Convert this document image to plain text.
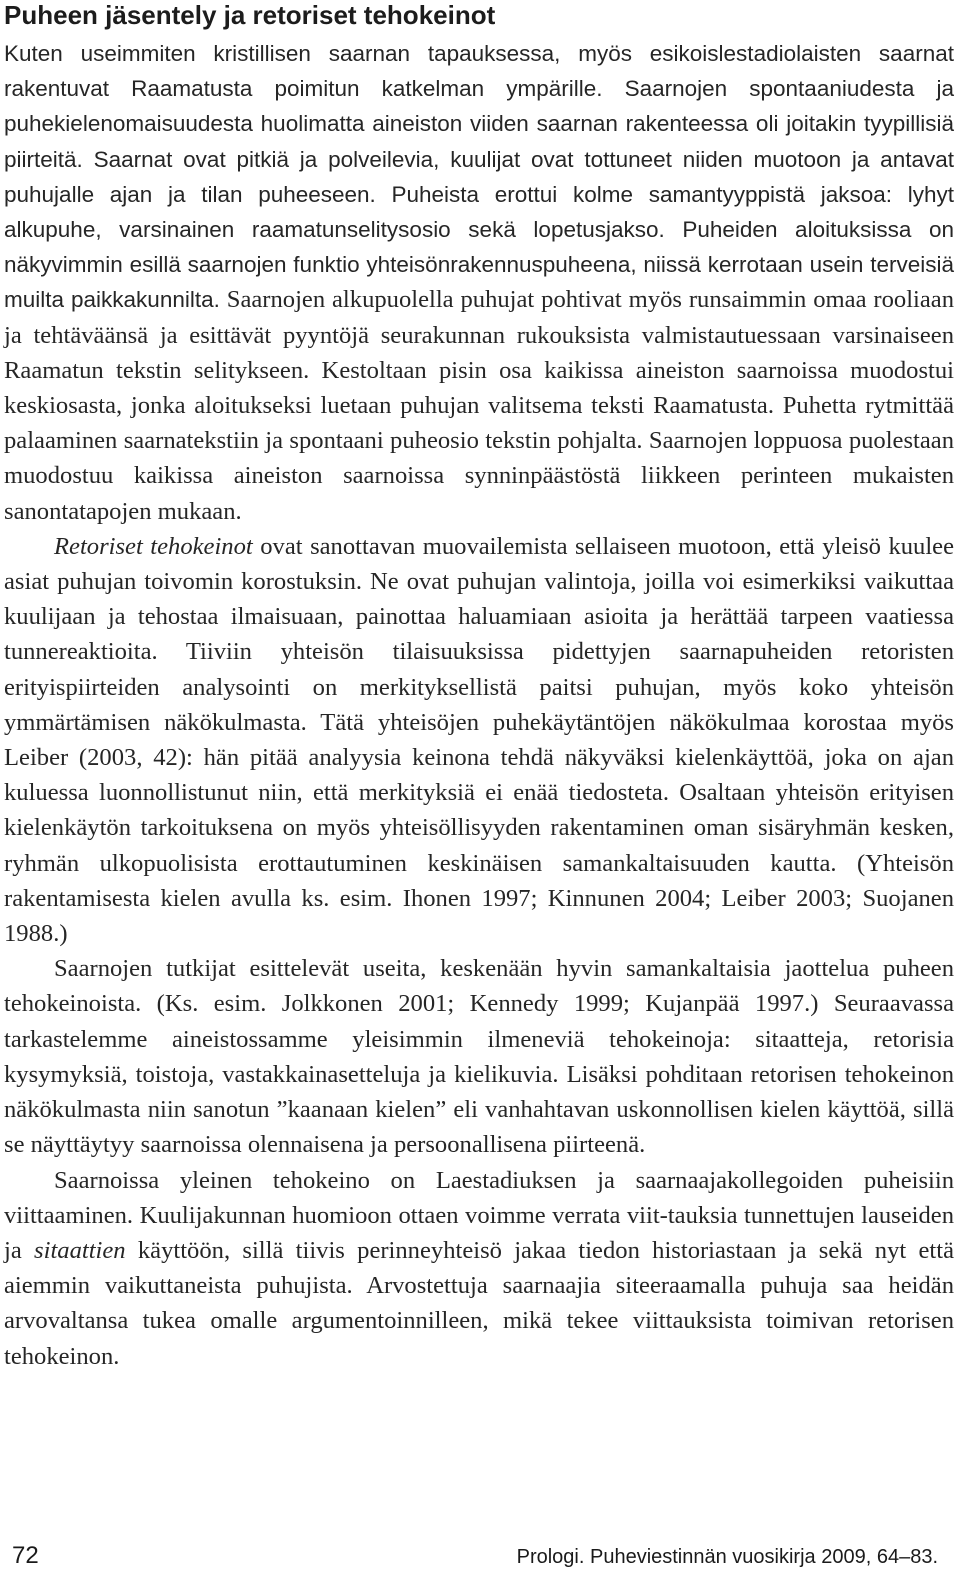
Puheen jäsentely ja retoriset tehokeinot

Kuten useimmiten kristillisen saarnan tapauksessa, myös esikoislestadiolaisten saarnat rakentuvat Raamatusta poimitun katkelman ympärille. Saarnojen spontaaniudesta ja puhekielenomaisuudesta huolimatta aineiston viiden saarnan rakenteessa oli joitakin tyypillisiä piirteitä. Saarnat ovat pitkiä ja polveilevia, kuulijat ovat tottuneet niiden muotoon ja antavat puhujalle ajan ja tilan puheeseen. Puheista erottui kolme samantyyppistä jaksoa: lyhyt alkupuhe, varsinainen raamatunselitysosio sekä lopetusjakso. Puheiden aloituksissa on näkyvimmin esillä saarnojen funktio yhteisönrakennuspuheena, niissä kerrotaan usein terveisiä muilta paikkakunnilta. Saarnojen alkupuolella puhujat pohtivat myös runsaimmin omaa rooliaan ja tehtäväänsä ja esittävät pyyntöjä seurakunnan rukouksista valmistautuessaan varsinaiseen Raamatun tekstin selitykseen. Kestoltaan pisin osa kaikissa aineiston saarnoissa muodostui keskiosasta, jonka aloitukseksi luetaan puhujan valitsema teksti Raamatusta. Puhetta rytmittää palaaminen saarnatekstiin ja spontaani puheosio tekstin pohjalta. Saarnojen loppuosa puolestaan muodostuu kaikissa aineiston saarnoissa synninpäästöstä liikkeen perinteen mukaisten sanontatapojen mukaan.

Retoriset tehokeinot ovat sanottavan muovailemista sellaiseen muotoon, että yleisö kuulee asiat puhujan toivomin korostuksin. Ne ovat puhujan valintoja, joilla voi esimerkiksi vaikuttaa kuulijaan ja tehostaa ilmaisuaan, painottaa haluamiaan asioita ja herättää tarpeen vaatiessa tunnereaktioita. Tiiviin yhteisön tilaisuuksissa pidettyjen saarnapuheiden retoristen erityispiirteiden analysointi on merkityksellistä paitsi puhujan, myös koko yhteisön ymmärtämisen näkökulmasta. Tätä yhteisöjen puhekäytäntöjen näkökulmaa korostaa myös Leiber (2003, 42): hän pitää analyysia keinona tehdä näkyväksi kielenkäyttöä, joka on ajan kuluessa luonnollistunut niin, että merkityksiä ei enää tiedosteta. Osaltaan yhteisön erityisen kielenkäytön tarkoituksena on myös yhteisöllisyyden rakentaminen oman sisäryhmän kesken, ryhmän ulkopuolisista erottautuminen keskinäisen samankaltaisuuden kautta. (Yhteisön rakentamisesta kielen avulla ks. esim. Ihonen 1997; Kinnunen 2004; Leiber 2003; Suojanen 1988.)

Saarnojen tutkijat esittelevät useita, keskenään hyvin samankaltaisia jaottelua puheen tehokeinoista. (Ks. esim. Jolkkonen 2001; Kennedy 1999; Kujanpää 1997.) Seuraavassa tarkastelemme aineistossamme yleisimmin ilmeneviä tehokeinoja: sitaatteja, retorisia kysymyksiä, toistoja, vastakkainasetteluja ja kielikuvia. Lisäksi pohditaan retorisen tehokeinon näkökulmasta niin sanotun ”kaanaan kielen” eli vanhahtavan uskonnollisen kielen käyttöä, sillä se näyttäytyy saarnoissa olennaisena ja persoonallisena piirteenä.

Saarnoissa yleinen tehokeino on Laestadiuksen ja saarnaajakollegoiden puheisiin viittaaminen. Kuulijakunnan huomioon ottaen voimme verrata viit-tauksia tunnettujen lauseiden ja sitaattien käyttöön, sillä tiivis perinneyhteisö jakaa tiedon historiastaan ja sekä nyt että aiemmin vaikuttaneista puhujista. Arvostettuja saarnaajia siteeraamalla puhuja saa heidän arvovaltansa tukea omalle argumentoinnilleen, mikä tekee viittauksista toimivan retorisen tehokeinon.

72	Prologi. Puheviestinnän vuosikirja 2009, 64–83.
